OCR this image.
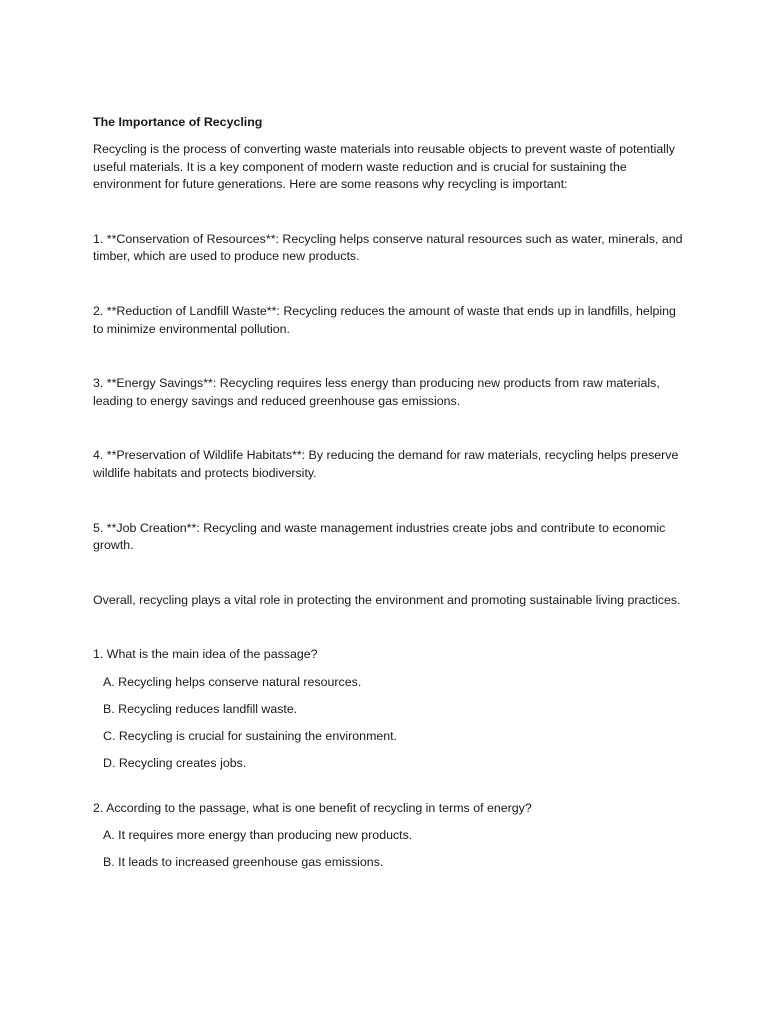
The Importance of Recycling

Recycling is the process of converting waste materials into reusable objects to prevent waste of potentially useful materials. It is a key component of modern waste reduction and is crucial for sustaining the environment for future generations. Here are some reasons why recycling is important:

1. **Conservation of Resources**: Recycling helps conserve natural resources such as water, minerals, and timber, which are used to produce new products.

2. **Reduction of Landfill Waste**: Recycling reduces the amount of waste that ends up in landfills, helping to minimize environmental pollution.

3. **Energy Savings**: Recycling requires less energy than producing new products from raw materials, leading to energy savings and reduced greenhouse gas emissions.

4. **Preservation of Wildlife Habitats**: By reducing the demand for raw materials, recycling helps preserve wildlife habitats and protects biodiversity.

5. **Job Creation**: Recycling and waste management industries create jobs and contribute to economic growth.

Overall, recycling plays a vital role in protecting the environment and promoting sustainable living practices.

1. What is the main idea of the passage?

A. Recycling helps conserve natural resources.
B. Recycling reduces landfill waste.
C. Recycling is crucial for sustaining the environment.
D. Recycling creates jobs.

2. According to the passage, what is one benefit of recycling in terms of energy?

A. It requires more energy than producing new products.
B. It leads to increased greenhouse gas emissions.
